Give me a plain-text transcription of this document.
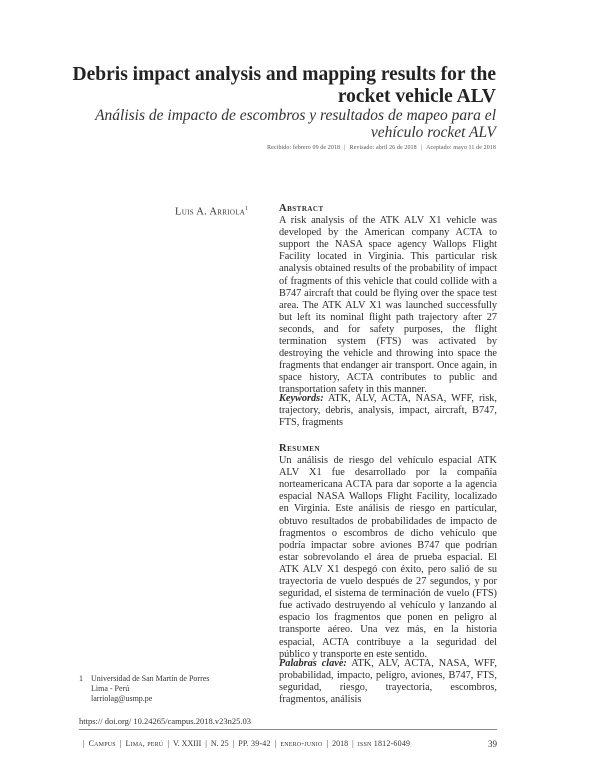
Debris impact analysis and mapping results for the rocket vehicle ALV
Análisis de impacto de escombros y resultados de mapeo para el vehículo rocket ALV
Recibido: febrero 09 de 2018 | Revisado: abril 26 de 2018 | Aceptado: mayo 11 de 2018
Luis A. Arriola$^1$	Abstract

A risk analysis of the ATK ALV X1 vehicle was developed by the American company ACTA to support the NASA space agency Wallops Flight Facility located in Virginia. This particular risk analysis obtained results of the probability of impact of fragments of this vehicle that could collide with a B747 aircraft that could be flying over the space test area. The ATK ALV X1 was launched successfully but left its nominal flight path trajectory after 27 seconds, and for safety purposes, the flight termination system (FTS) was activated by destroying the vehicle and throwing into space the fragments that endanger air transport. Once again, in space history, ACTA contributes to public and transportation safety in this manner.

Keywords: ATK, ALV, ACTA, NASA, WFF, risk, trajectory, debris, analysis, impact, aircraft, B747, FTS, fragments

Resumen

Un análisis de riesgo del vehículo espacial ATK ALV X1 fue desarrollado por la compañía norteamericana ACTA para dar soporte a la agencia espacial NASA Wallops Flight Facility, localizado en Virginia. Este análisis de riesgo en particular, obtuvo resultados de probabilidades de impacto de fragmentos o escombros de dicho vehículo que podría impactar sobre aviones B747 que podrían estar sobrevolando el área de prueba espacial. El ATK ALV X1 despegó con éxito, pero salió de su trayectoria de vuelo después de 27 segundos, y por seguridad, el sistema de terminación de vuelo (FTS) fue activado destruyendo al vehículo y lanzando al espacio los fragmentos que ponen en peligro al transporte aéreo. Una vez más, en la historia espacial, ACTA contribuye a la seguridad del público y transporte en este sentido.

Palabras clave: ATK, ALV, ACTA, NASA, WFF, probabilidad, impacto, peligro, aviones, B747, FTS, seguridad, riesgo, trayectoria, escombros, fragmentos, análisis

1 Universidad de San Martín de Porres
Lima - Perú
larriolag@usmp.pe
https:// doi.org/ 10.24265/campus.2018.v23n25.03
| Campus | Lima, perú | V. XXIII | N. 25 | PP. 39-42 | enero-junio | 2018 | issn 1812-6049	39
